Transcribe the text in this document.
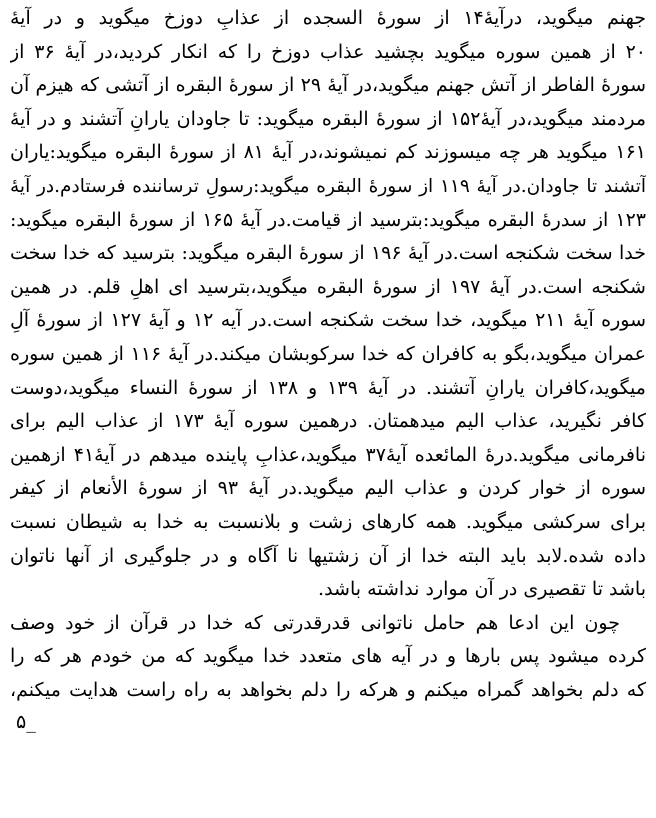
جهنم میگوید، درآیۀ۱۴ از سورۀ السجده از عذابِ دوزخ میگوید و در آیۀ
۲۰ از همین سوره میگوید بچشید عذاب دوزخ را که انکار کردید،در آیۀ ۳۶ از
سورۀ الفاطر از آتش جهنم میگوید،در آیۀ ۲۹ از سورۀ البقره از آتشی که هیزم آن
مردمند میگوید،در آیۀ۱۵۲ از سورۀ البقره میگوید: تا جاودان یارانِ آتشند و در آیۀ
۱۶۱ میگوید هر چه میسوزند کم نمیشوند،در آیۀ ۸۱ از سورۀ البقره میگوید:یاران
آتشند تا جاودان.در آیۀ ۱۱۹ از سورۀ البقره میگوید:رسولِ ترساننده فرستادم.در آیۀ
۱۲۳ از سدرۀ البقره میگوید:بترسید از قیامت.در آیۀ ۱۶۵ از سورۀ البقره میگوید:
خدا سخت شکنجه است.در آیۀ ۱۹۶ از سورۀ البقره میگوید: بترسید که خدا سخت
شکنجه است.در آیۀ ۱۹۷ از سورۀ البقره میگوید،بترسید ای اهلِ قلم. در همین
سوره آیۀ ۲۱۱ میگوید، خدا سخت شکنجه است.در آیه ۱۲ و آیۀ ۱۲۷ از سورۀ آلِ
عمران میگوید،بگو به کافران که خدا سرکوبشان میکند.در آیۀ ۱۱۶ از همین سوره
میگوید،کافران یارانِ آتشند. در آیۀ ۱۳۹ و ۱۳۸ از سورۀ النساء میگوید،دوست
کافر نگیرید، عذاب الیم میدهمتان. درهمین سوره آیۀ ۱۷۳ از عذاب الیم برای
نافرمانی میگوید.درۀ المائعده آیۀ۳۷ میگوید،عذابِ پاینده میدهم در آیۀ۴۱ ازهمین
سوره از خوار کردن و عذاب الیم میگوید.در آیۀ ۹۳ از سورۀ الأنعام از کیفر
برای سرکشی میگوید. همه کارهای زشت و بلانسبت به خدا به شیطان نسبت
داده شده.لابد باید البته خدا از آن زشتیها نا آگاه و در جلوگیری از آنها ناتوان
باشد تا تقصیری در آن موارد نداشته باشد.
چون این ادعا هم حامل ناتوانی قدرقدرتی که خدا در قرآن از خود وصف
کرده میشود پس بارها و در آیه های متعدد خدا میگوید که من خودم هر که را
که دلم بخواهد گمراه میکنم و هرکه را دلم بخواهد به راه راست هدایت میکنم،
۵_
